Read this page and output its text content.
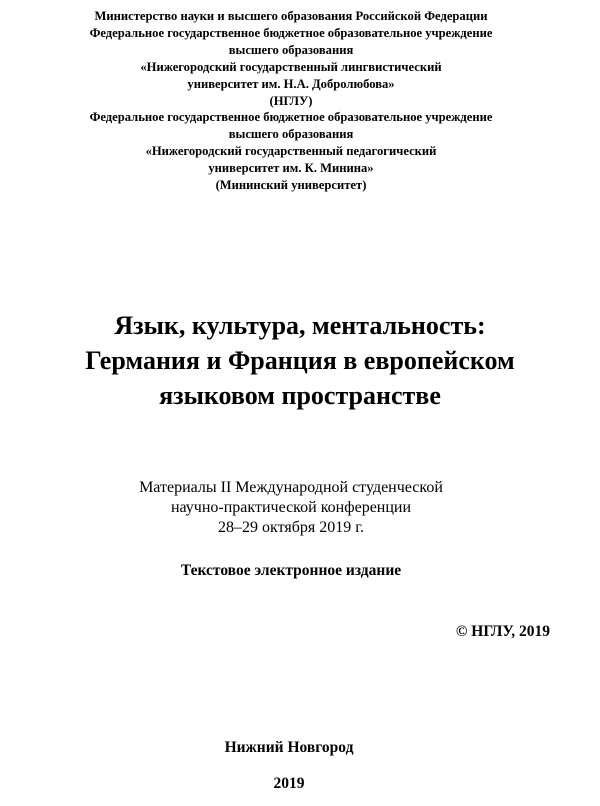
Министерство науки и высшего образования Российской Федерации
Федеральное государственное бюджетное образовательное учреждение
высшего образования
«Нижегородский государственный лингвистический
университет им. Н.А. Добролюбова»
(НГЛУ)
Федеральное государственное бюджетное образовательное учреждение
высшего образования
«Нижегородский государственный педагогический
университет им. К. Минина»
(Мининский университет)
Язык, культура, ментальность:
Германия и Франция в европейском
языковом пространстве
Материалы II Международной студенческой
научно-практической конференции
28–29 октября 2019 г.
Текстовое электронное издание
© НГЛУ, 2019
Нижний Новгород
2019
